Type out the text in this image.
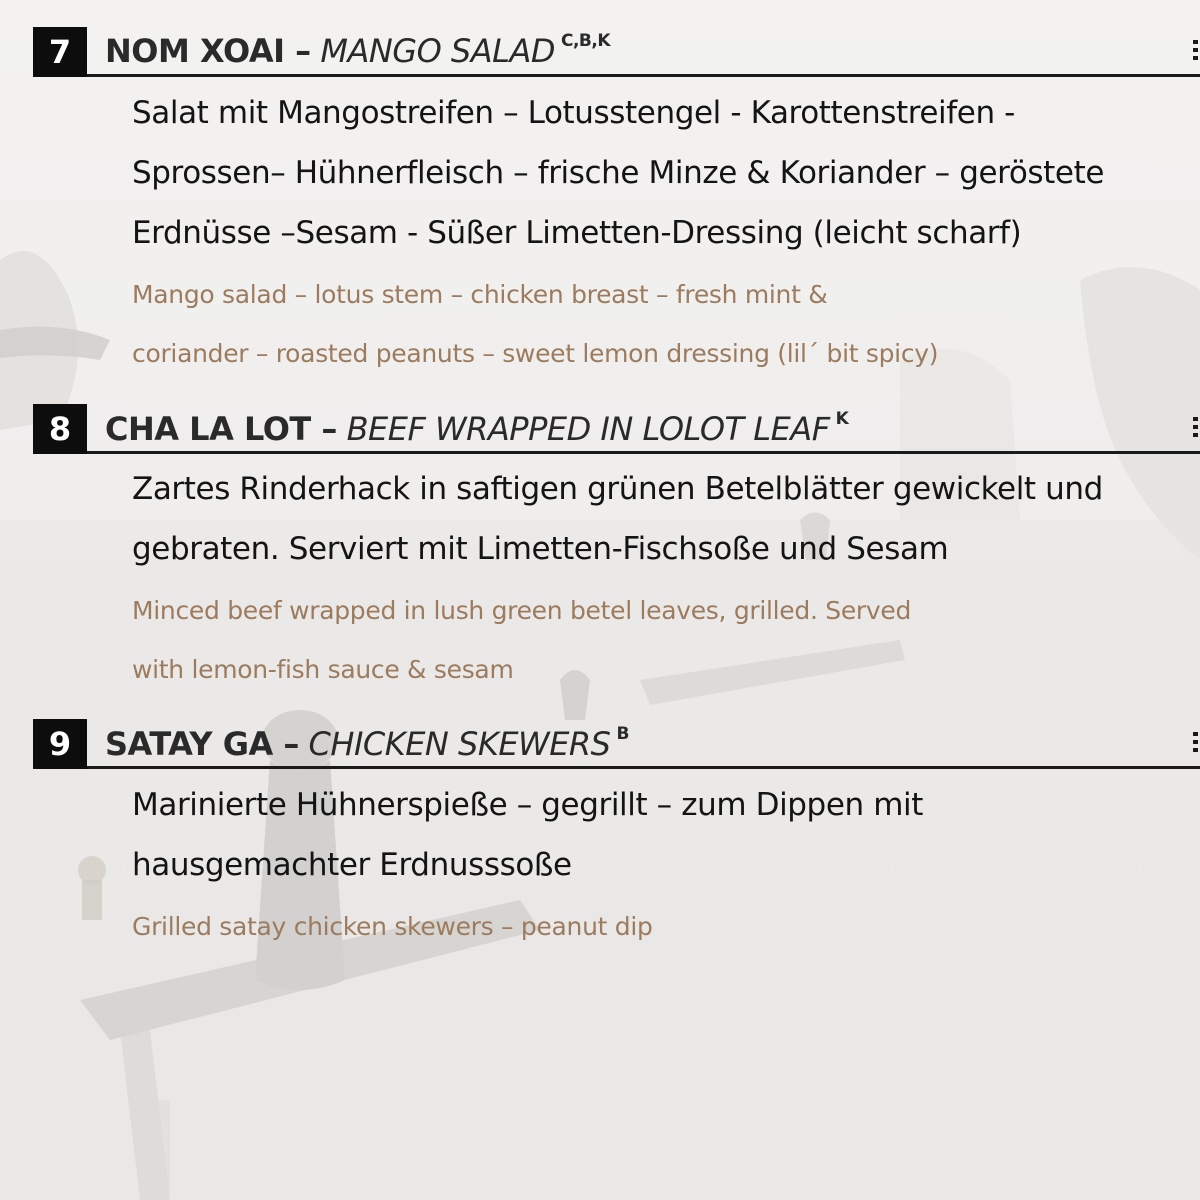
7	NOM XOAI – MANGO SALAD $^{C,B,K}$
Salat mit Mangostreifen – Lotusstengel - Karottenstreifen -
Sprossen– Hühnerfleisch – frische Minze & Koriander – geröstete
Erdnüsse –Sesam - Süßer Limetten-Dressing (leicht scharf)
Mango salad – lotus stem – chicken breast – fresh mint &
coriander – roasted peanuts – sweet lemon dressing (lil´ bit spicy)
8	CHA LA LOT – BEEF WRAPPED IN LOLOT LEAF $^K$
Zartes Rinderhack in saftigen grünen Betelblätter gewickelt und
gebraten. Serviert mit Limetten-Fischsoße und Sesam
Minced beef wrapped in lush green betel leaves, grilled. Served
with lemon-fish sauce & sesam
9	SATAY GA – CHICKEN SKEWERS $^B$
Marinierte Hühnerspieße – gegrillt – zum Dippen mit
hausgemachter Erdnusssoße
Grilled satay chicken skewers – peanut dip
